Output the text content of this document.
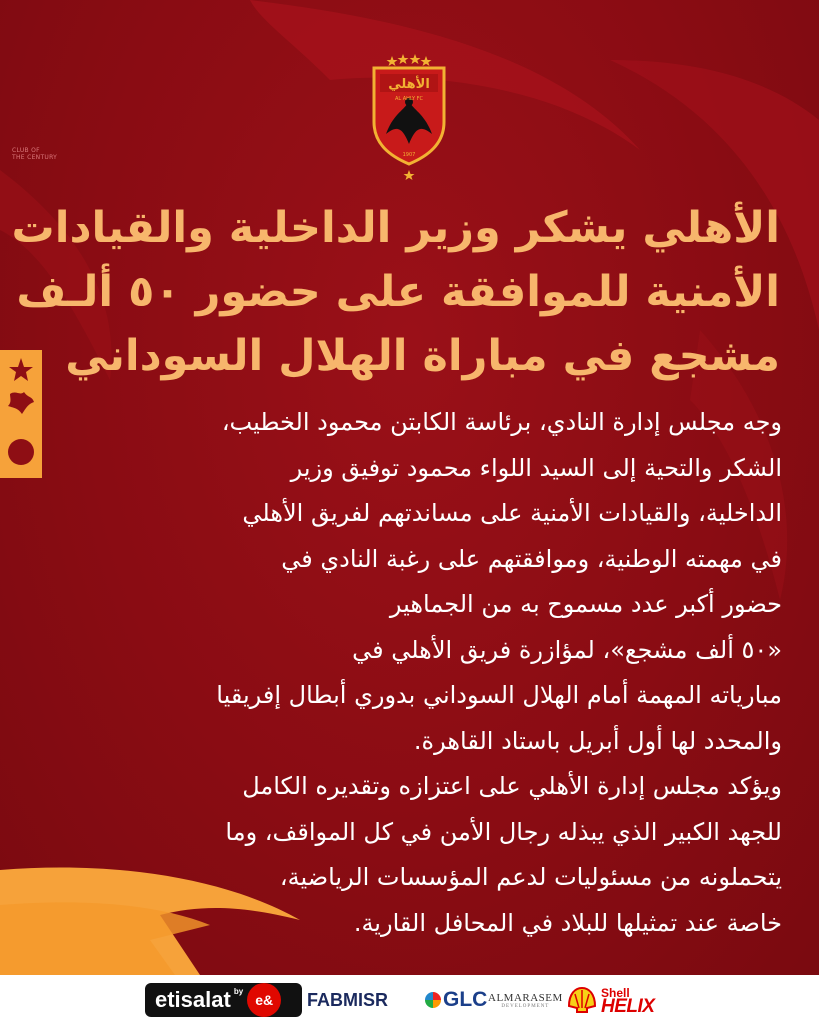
الأهلي
AL AHLY FC
1907
CLUB OF
THE CENTURY
الأهلي يشكر وزير الداخلية والقيادات
الأمنية للموافقة على حضور ٥٠ ألـف
مشجع في مباراة الهلال السوداني
وجه مجلس إدارة النادي، برئاسة الكابتن محمود الخطيب،
الشكر والتحية إلى السيد اللواء محمود توفيق وزير
الداخلية، والقيادات الأمنية على مساندتهم لفريق الأهلي
في مهمته الوطنية، وموافقتهم على رغبة النادي في
حضور أكبر عدد مسموح به من الجماهير
«٥٠ ألف مشجع»، لمؤازرة فريق الأهلي في
مبارياته المهمة أمام الهلال السوداني بدوري أبطال إفريقيا
والمحدد لها أول أبريل باستاد القاهرة.
ويؤكد مجلس إدارة الأهلي على اعتزازه وتقديره الكامل
للجهد الكبير الذي يبذله رجال الأمن في كل المواقف، وما
يتحملونه من مسئوليات لدعم المؤسسات الرياضية،
خاصة عند تمثيلها للبلاد في المحافل القارية.
etisalat by
e&	FABMISR	GLC ALMARASEM
DEVELOPMENT
Shell
HELIX
